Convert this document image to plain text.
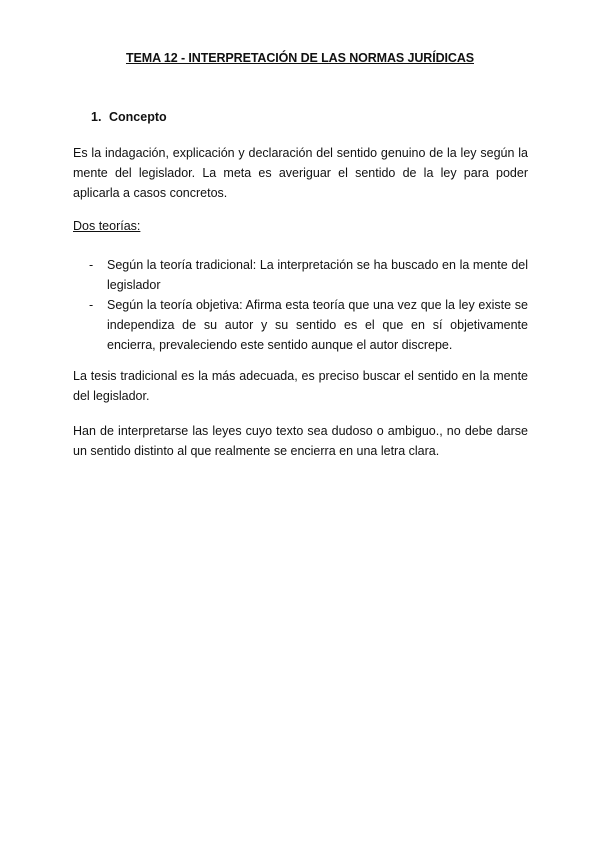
TEMA 12 - INTERPRETACIÓN DE LAS NORMAS JURÍDICAS
1. Concepto
Es la indagación, explicación y declaración del sentido genuino de la ley según la mente del legislador. La meta es averiguar el sentido de la ley para poder aplicarla a casos concretos.
Dos teorías:
- Según la teoría tradicional: La interpretación se ha buscado en la mente del legislador
- Según la teoría objetiva: Afirma esta teoría que una vez que la ley existe se independiza de su autor y su sentido es el que en sí objetivamente encierra, prevaleciendo este sentido aunque el autor discrepe.
La tesis tradicional es la más adecuada, es preciso buscar el sentido en la mente del legislador.
Han de interpretarse las leyes cuyo texto sea dudoso o ambiguo., no debe darse un sentido distinto al que realmente se encierra en una letra clara.
